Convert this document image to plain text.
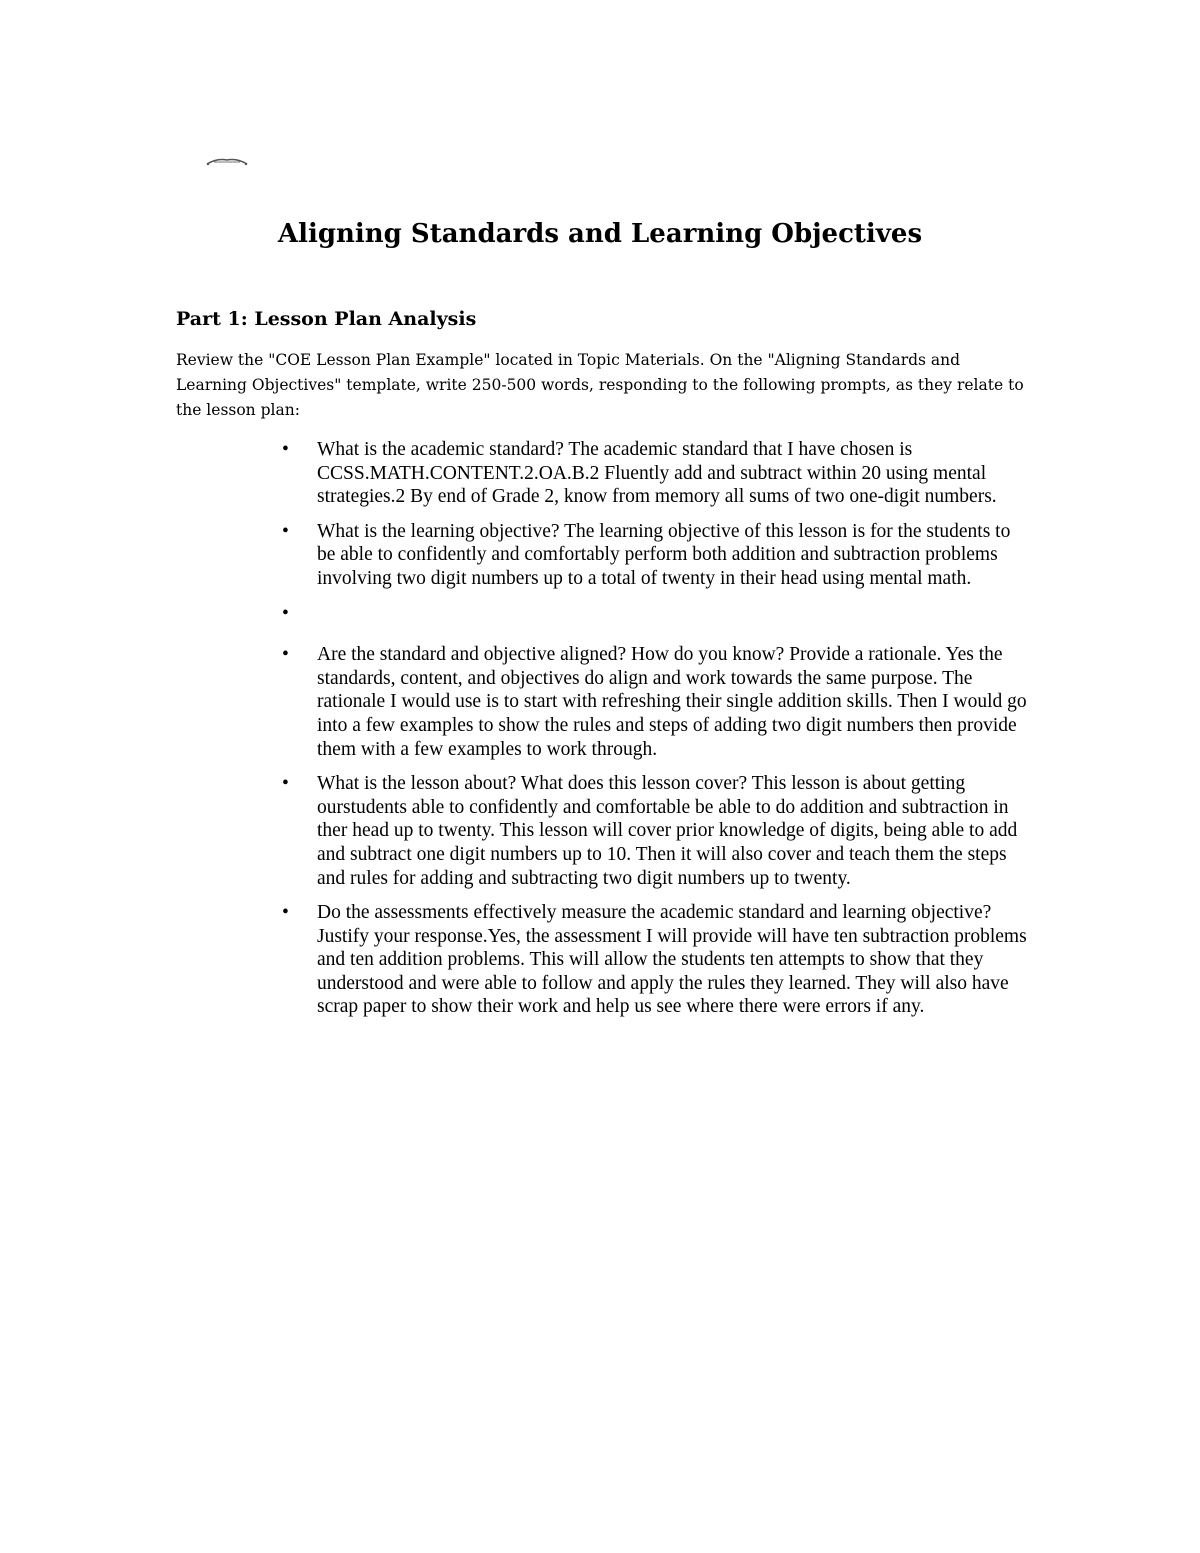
Aligning Standards and Learning Objectives
Part 1: Lesson Plan Analysis

Review the "COE Lesson Plan Example" located in Topic Materials. On the "Aligning Standards and Learning Objectives" template, write 250-500 words, responding to the following prompts, as they relate to the lesson plan:

•	What is the academic standard? The academic standard that I have chosen is CCSS.MATH.CONTENT.2.OA.B.2 Fluently add and subtract within 20 using mental strategies.2 By end of Grade 2, know from memory all sums of two one-digit numbers.
•	What is the learning objective? The learning objective of this lesson is for the students to be able to confidently and comfortably perform both addition and subtraction problems involving two digit numbers up to a total of twenty in their head using mental math.
•
•	Are the standard and objective aligned? How do you know? Provide a rationale. Yes the standards, content, and objectives do align and work towards the same purpose. The rationale I would use is to start with refreshing their single addition skills. Then I would go into a few examples to show the rules and steps of adding two digit numbers then provide them with a few examples to work through.
•	What is the lesson about? What does this lesson cover? This lesson is about getting ourstudents able to confidently and comfortable be able to do addition and subtraction in ther head up to twenty. This lesson will cover prior knowledge of digits, being able to add and subtract one digit numbers up to 10. Then it will also cover and teach them the steps and rules for adding and subtracting two digit numbers up to twenty.
•	Do the assessments effectively measure the academic standard and learning objective? Justify your response.Yes, the assessment I will provide will have ten subtraction problems and ten addition problems. This will allow the students ten attempts to show that they understood and were able to follow and apply the rules they learned. They will also have scrap paper to show their work and help us see where there were errors if any.
